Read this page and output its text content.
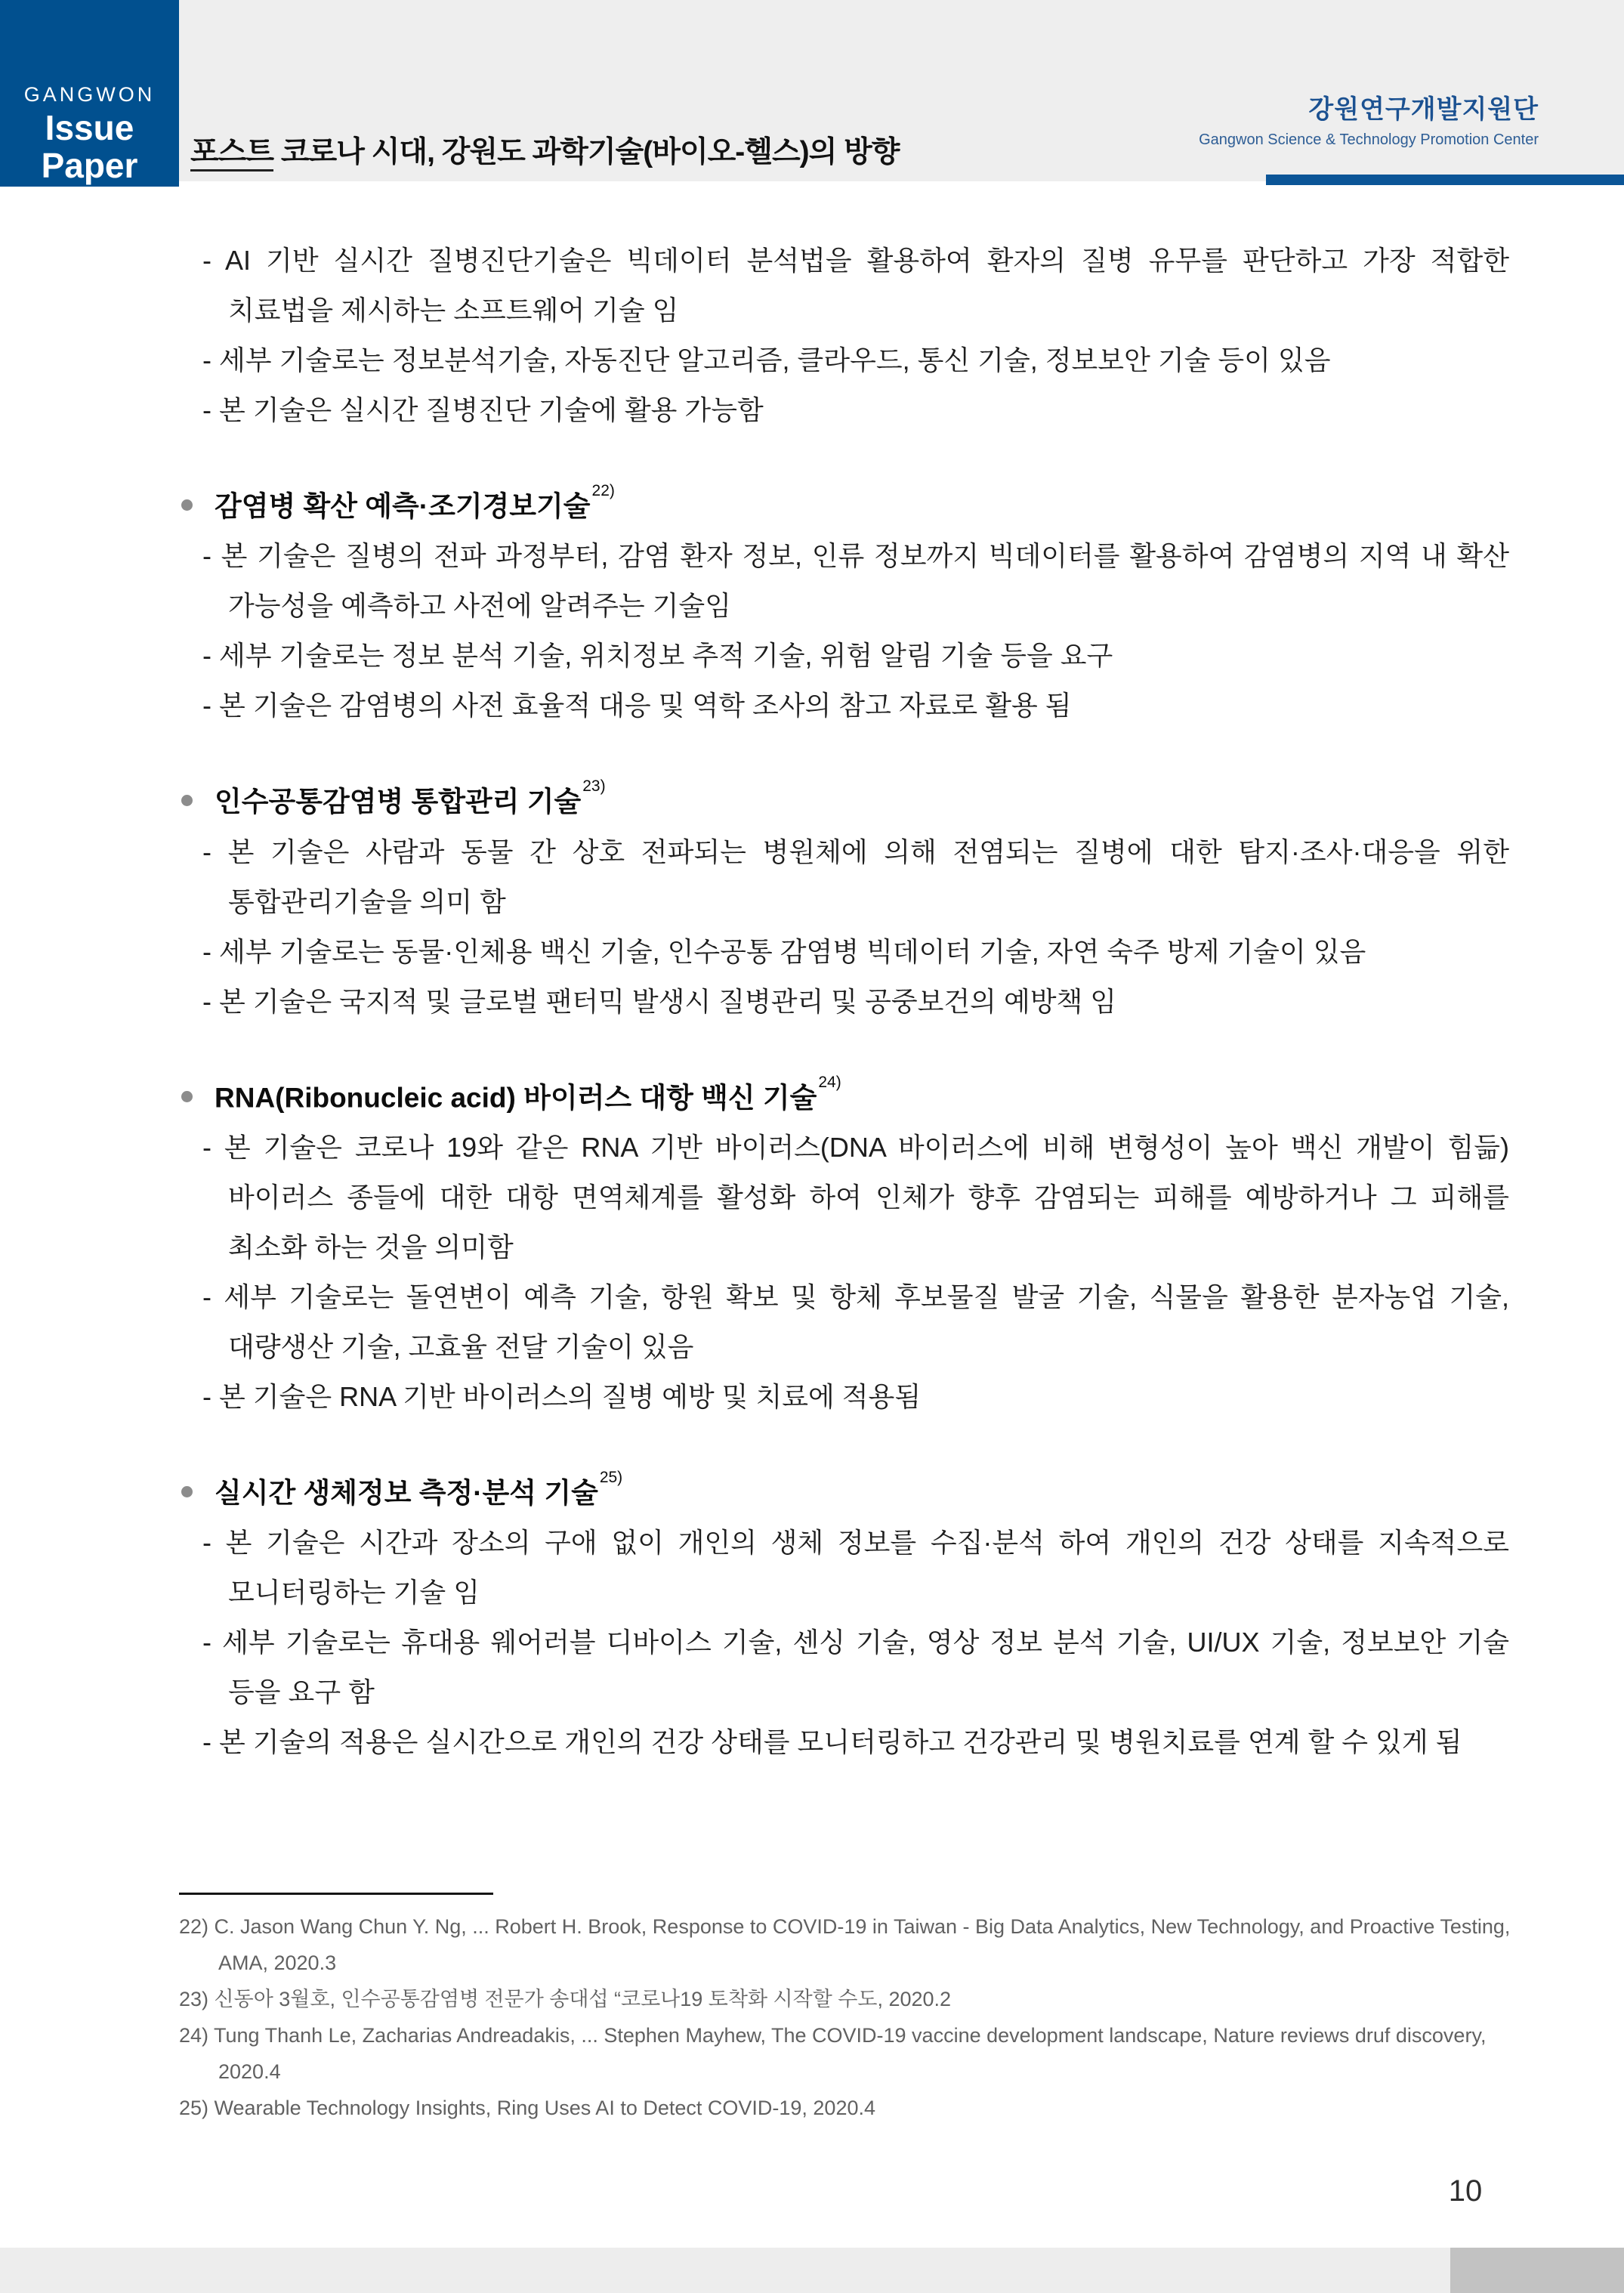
GANGWON
Issue Paper
2020. 07. 20 Vol. 13호
포스트 코로나 시대, 강원도 과학기술(바이오-헬스)의 방향
강원연구개발지원단
Gangwon Science & Technology Promotion Center

- AI 기반 실시간 질병진단기술은 빅데이터 분석법을 활용하여 환자의 질병 유무를 판단하고 가장 적합한 치료법을 제시하는 소프트웨어 기술 임

- 세부 기술로는 정보분석기술, 자동진단 알고리즘, 클라우드, 통신 기술, 정보보안 기술 등이 있음

- 본 기술은 실시간 질병진단 기술에 활용 가능함

감염병 확산 예측·조기경보기술$^{22)}$

- 본 기술은 질병의 전파 과정부터, 감염 환자 정보, 인류 정보까지 빅데이터를 활용하여 감염병의 지역 내 확산 가능성을 예측하고 사전에 알려주는 기술임

- 세부 기술로는 정보 분석 기술, 위치정보 추적 기술, 위험 알림 기술 등을 요구

- 본 기술은 감염병의 사전 효율적 대응 및 역학 조사의 참고 자료로 활용 됨

인수공통감염병 통합관리 기술$^{23)}$

- 본 기술은 사람과 동물 간 상호 전파되는 병원체에 의해 전염되는 질병에 대한 탐지·조사·대응을 위한 통합관리기술을 의미 함

- 세부 기술로는 동물·인체용 백신 기술, 인수공통 감염병 빅데이터 기술, 자연 숙주 방제 기술이 있음

- 본 기술은 국지적 및 글로벌 팬터믹 발생시 질병관리 및 공중보건의 예방책 임

RNA(Ribonucleic acid) 바이러스 대항 백신 기술$^{24)}$

- 본 기술은 코로나 19와 같은 RNA 기반 바이러스(DNA 바이러스에 비해 변형성이 높아 백신 개발이 힘듦) 바이러스 종들에 대한 대항 면역체계를 활성화 하여 인체가 향후 감염되는 피해를 예방하거나 그 피해를 최소화 하는 것을 의미함

- 세부 기술로는 돌연변이 예측 기술, 항원 확보 및 항체 후보물질 발굴 기술, 식물을 활용한 분자농업 기술, 대량생산 기술, 고효율 전달 기술이 있음

- 본 기술은 RNA 기반 바이러스의 질병 예방 및 치료에 적용됨

실시간 생체정보 측정·분석 기술$^{25)}$

- 본 기술은 시간과 장소의 구애 없이 개인의 생체 정보를 수집·분석 하여 개인의 건강 상태를 지속적으로 모니터링하는 기술 임

- 세부 기술로는 휴대용 웨어러블 디바이스 기술, 센싱 기술, 영상 정보 분석 기술, UI/UX 기술, 정보보안 기술 등을 요구 함

- 본 기술의 적용은 실시간으로 개인의 건강 상태를 모니터링하고 건강관리 및 병원치료를 연계 할 수 있게 됨

22) C. Jason Wang Chun Y. Ng, ... Robert H. Brook, Response to COVID-19 in Taiwan - Big Data Analytics, New Technology, and Proactive Testing, AMA, 2020.3

23) 신동아 3월호, 인수공통감염병 전문가 송대섭 “코로나19 토착화 시작할 수도, 2020.2

24) Tung Thanh Le, Zacharias Andreadakis, ... Stephen Mayhew, The COVID-19 vaccine development landscape, Nature reviews druf discovery, 2020.4

25) Wearable Technology Insights, Ring Uses AI to Detect COVID-19, 2020.4

10
